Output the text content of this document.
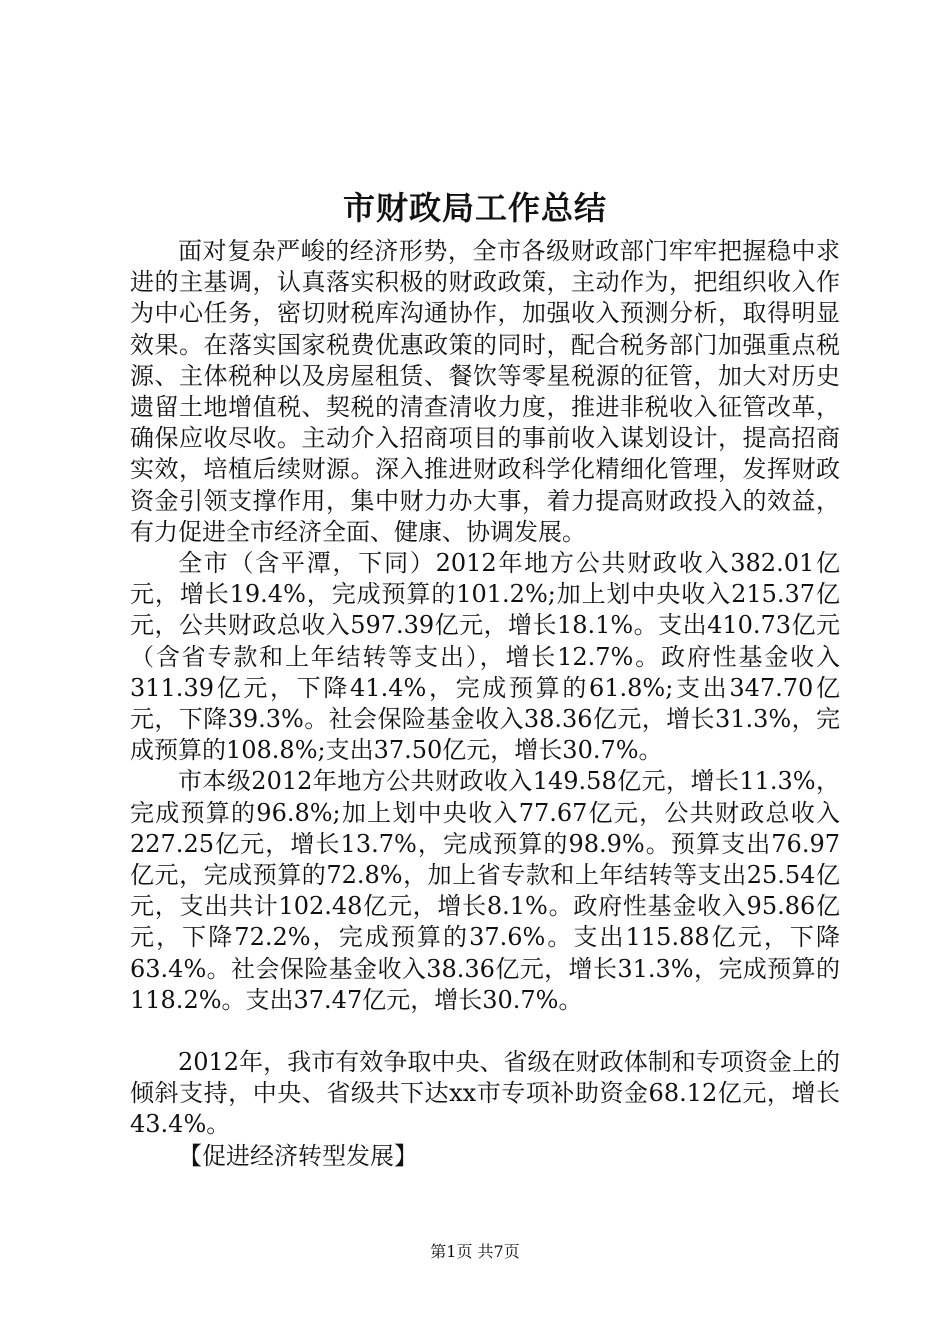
市财政局工作总结

面对复杂严峻的经济形势，全市各级财政部门牢牢把握稳中求进的主基调，认真落实积极的财政政策，主动作为，把组织收入作为中心任务，密切财税库沟通协作，加强收入预测分析，取得明显效果。在落实国家税费优惠政策的同时，配合税务部门加强重点税源、主体税种以及房屋租赁、餐饮等零星税源的征管，加大对历史遗留土地增值税、契税的清查清收力度，推进非税收入征管改革，确保应收尽收。主动介入招商项目的事前收入谋划设计，提高招商实效，培植后续财源。深入推进财政科学化精细化管理，发挥财政资金引领支撑作用，集中财力办大事，着力提高财政投入的效益，有力促进全市经济全面、健康、协调发展。

全市（含平潭，下同）2012年地方公共财政收入382.01亿元，增长19.4%，完成预算的101.2%;加上划中央收入215.37亿元，公共财政总收入597.39亿元，增长18.1%。支出410.73亿元（含省专款和上年结转等支出），增长12.7%。政府性基金收入311.39亿元，下降41.4%，完成预算的61.8%;支出347.70亿元，下降39.3%。社会保险基金收入38.36亿元，增长31.3%，完成预算的108.8%;支出37.50亿元，增长30.7%。

市本级2012年地方公共财政收入149.58亿元，增长11.3%，完成预算的96.8%;加上划中央收入77.67亿元，公共财政总收入227.25亿元，增长13.7%，完成预算的98.9%。预算支出76.97亿元，完成预算的72.8%，加上省专款和上年结转等支出25.54亿元，支出共计102.48亿元，增长8.1%。政府性基金收入95.86亿元，下降72.2%，完成预算的37.6%。支出115.88亿元，下降63.4%。社会保险基金收入38.36亿元，增长31.3%，完成预算的118.2%。支出37.47亿元，增长30.7%。

2012年，我市有效争取中央、省级在财政体制和专项资金上的倾斜支持，中央、省级共下达xx市专项补助资金68.12亿元，增长43.4%。

【促进经济转型发展】

第1页 共7页
